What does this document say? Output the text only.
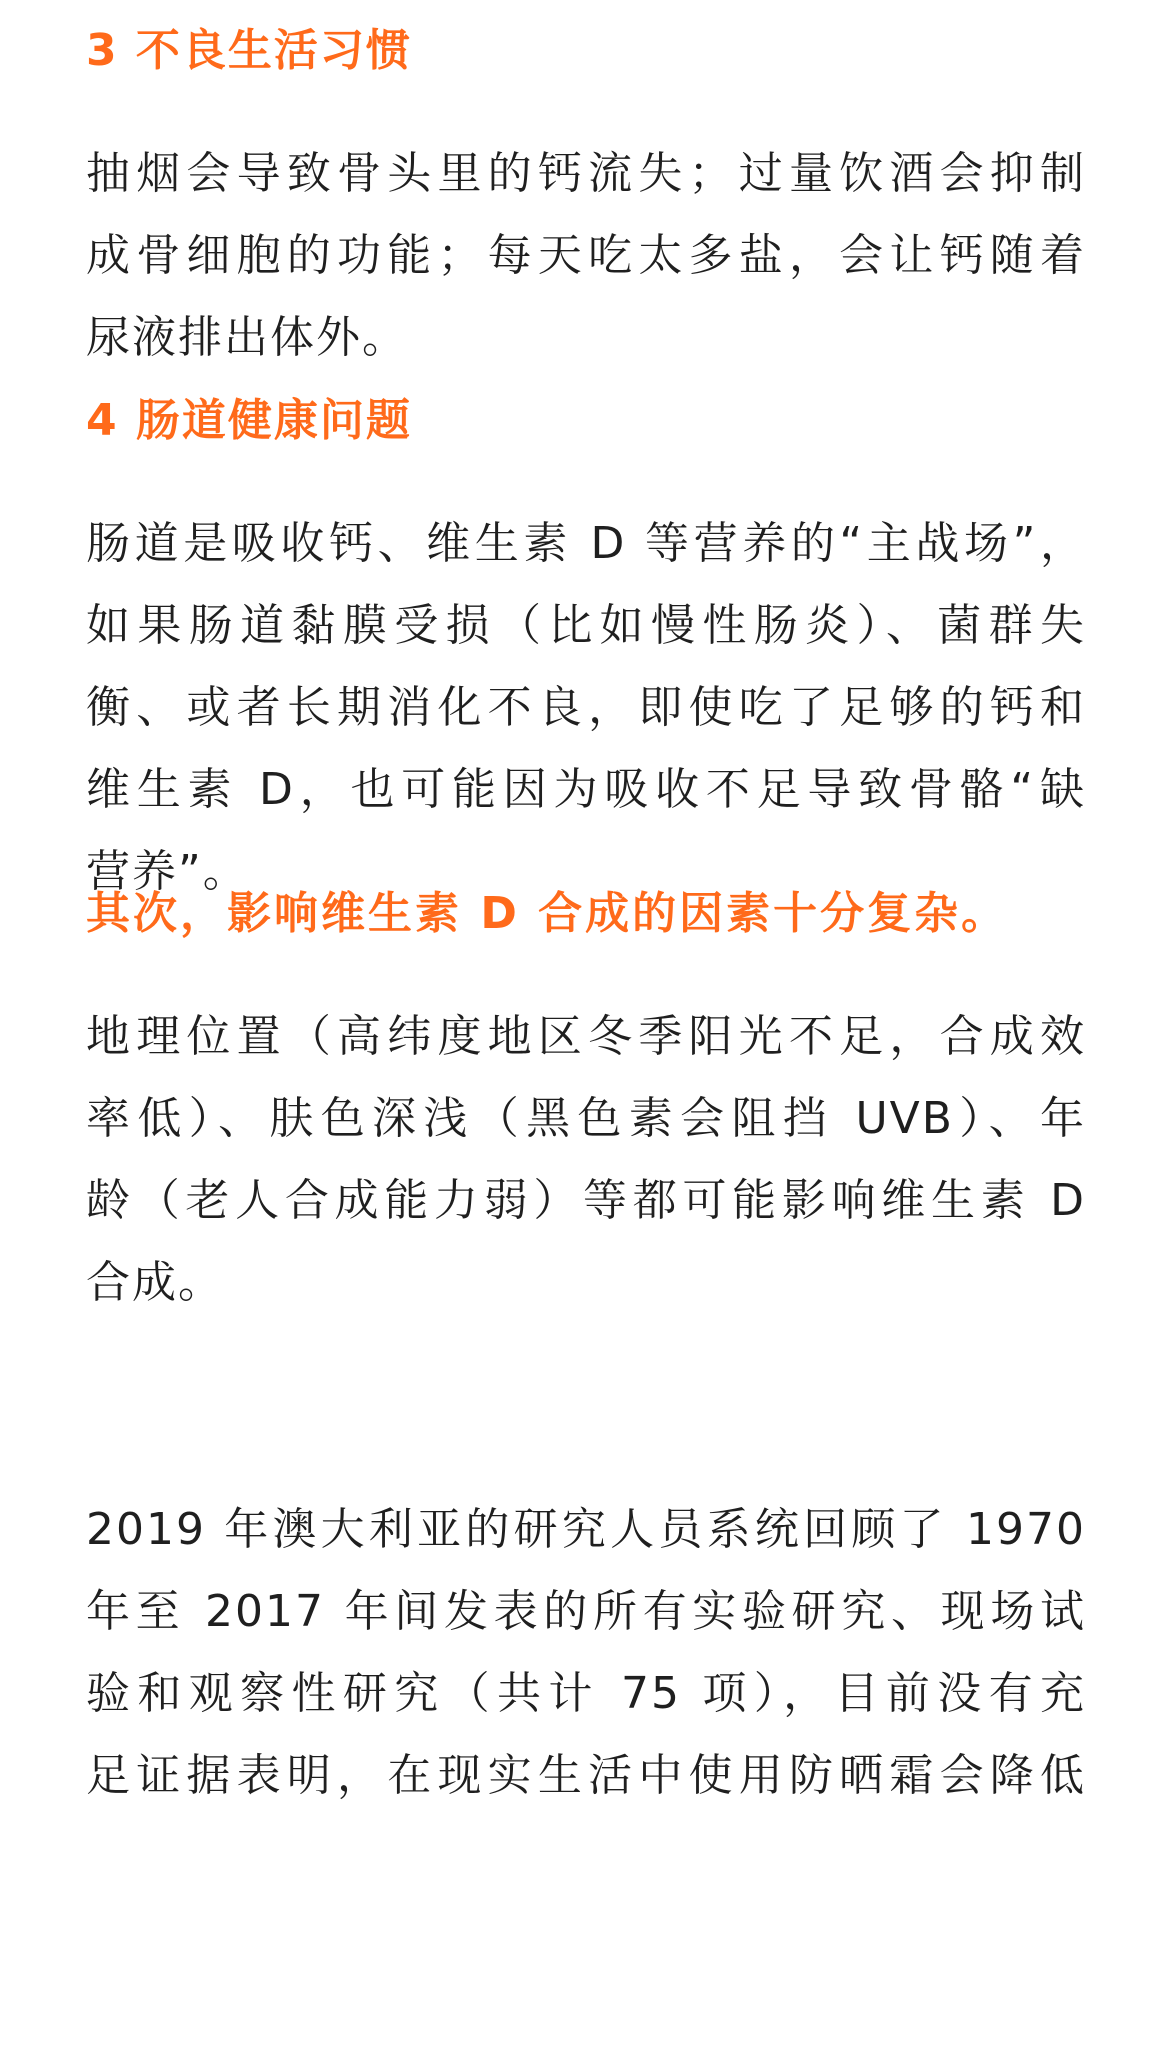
3 不良生活习惯

抽烟会导致骨头里的钙流失；过量饮酒会抑制
成骨细胞的功能；每天吃太多盐，会让钙随着
尿液排出体外。

4 肠道健康问题

肠道是吸收钙、维生素 D 等营养的“主战场”，
如果肠道黏膜受损（比如慢性肠炎）、菌群失
衡、或者长期消化不良，即使吃了足够的钙和
维生素 D，也可能因为吸收不足导致骨骼“缺
营养”。

其次，影响维生素 D 合成的因素十分复杂。

地理位置（高纬度地区冬季阳光不足，合成效
率低）、肤色深浅（黑色素会阻挡 UVB）、年
龄（老人合成能力弱）等都可能影响维生素 D
合成。

2019 年澳大利亚的研究人员系统回顾了 1970
年至 2017 年间发表的所有实验研究、现场试
验和观察性研究（共计 75 项），目前没有充
足证据表明，在现实生活中使用防晒霜会降低
